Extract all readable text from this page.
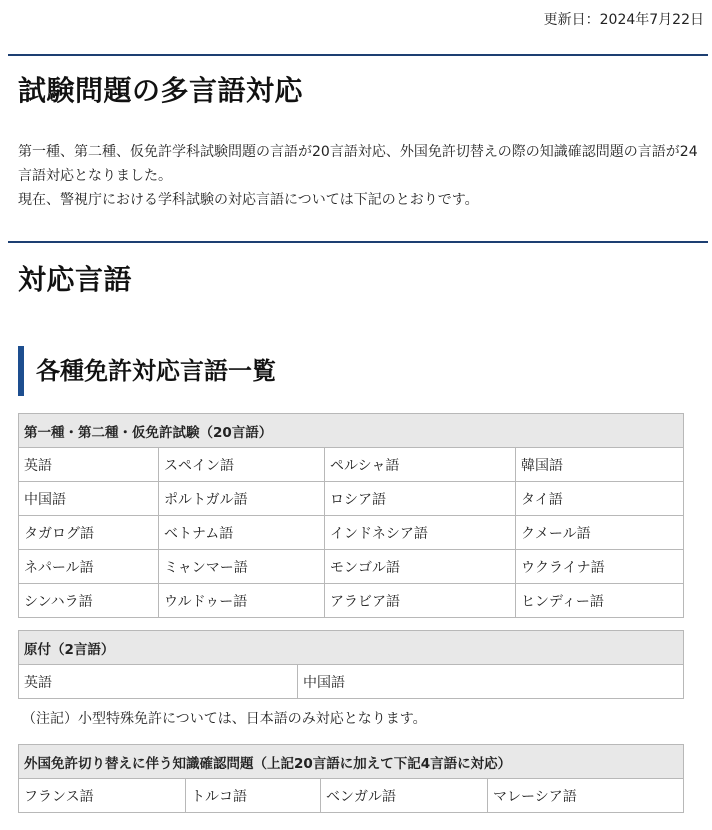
更新日：2024年7月22日
試験問題の多言語対応

第一種、第二種、仮免許学科試験問題の言語が20言語対応、外国免許切替えの際の知識確認問題の言語が24言語対応となりました。

現在、警視庁における学科試験の対応言語については下記のとおりです。

対応言語
各種免許対応言語一覧
第一種・第二種・仮免許試験（20言語）			
英語	スペイン語	ペルシャ語	韓国語
中国語	ポルトガル語	ロシア語	タイ語
タガログ語	ベトナム語	インドネシア語	クメール語
ネパール語	ミャンマー語	モンゴル語	ウクライナ語
シンハラ語	ウルドゥー語	アラビア語	ヒンディー語
原付（2言語）
英語	中国語
（注記）小型特殊免許については、日本語のみ対応となります。
外国免許切り替えに伴う知識確認問題（上記20言語に加えて下記4言語に対応）
フランス語	トルコ語	ベンガル語	マレーシア語
